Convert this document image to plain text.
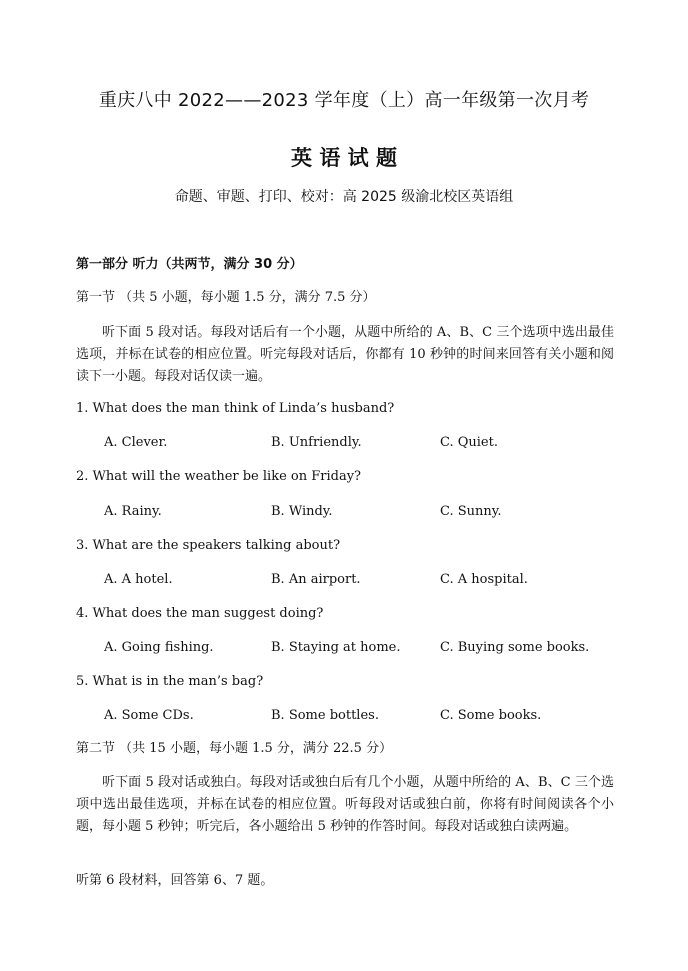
重庆八中 2022——2023 学年度（上）高一年级第一次月考
英 语 试 题
命题、审题、打印、校对：高 2025 级渝北校区英语组
第一部分 听力（共两节，满分 30 分）
第一节 （共 5 小题，每小题 1.5 分，满分 7.5 分）
听下面 5 段对话。每段对话后有一个小题，从题中所给的 A、B、C 三个选项中选出最佳选项，并标在试卷的相应位置。听完每段对话后，你都有 10 秒钟的时间来回答有关小题和阅读下一小题。每段对话仅读一遍。
1. What does the man think of Linda’s husband?
A. Clever.	B. Unfriendly.	C. Quiet.
2. What will the weather be like on Friday?
A. Rainy.	B. Windy.	C. Sunny.
3. What are the speakers talking about?
A. A hotel.	B. An airport.	C. A hospital.
4. What does the man suggest doing?
A. Going fishing.	B. Staying at home.	C. Buying some books.
5. What is in the man’s bag?
A. Some CDs.	B. Some bottles.	C. Some books.
第二节 （共 15 小题，每小题 1.5 分，满分 22.5 分）
听下面 5 段对话或独白。每段对话或独白后有几个小题，从题中所给的 A、B、C 三个选项中选出最佳选项，并标在试卷的相应位置。听每段对话或独白前，你将有时间阅读各个小题，每小题 5 秒钟；听完后，各小题给出 5 秒钟的作答时间。每段对话或独白读两遍。
听第 6 段材料，回答第 6、7 题。
